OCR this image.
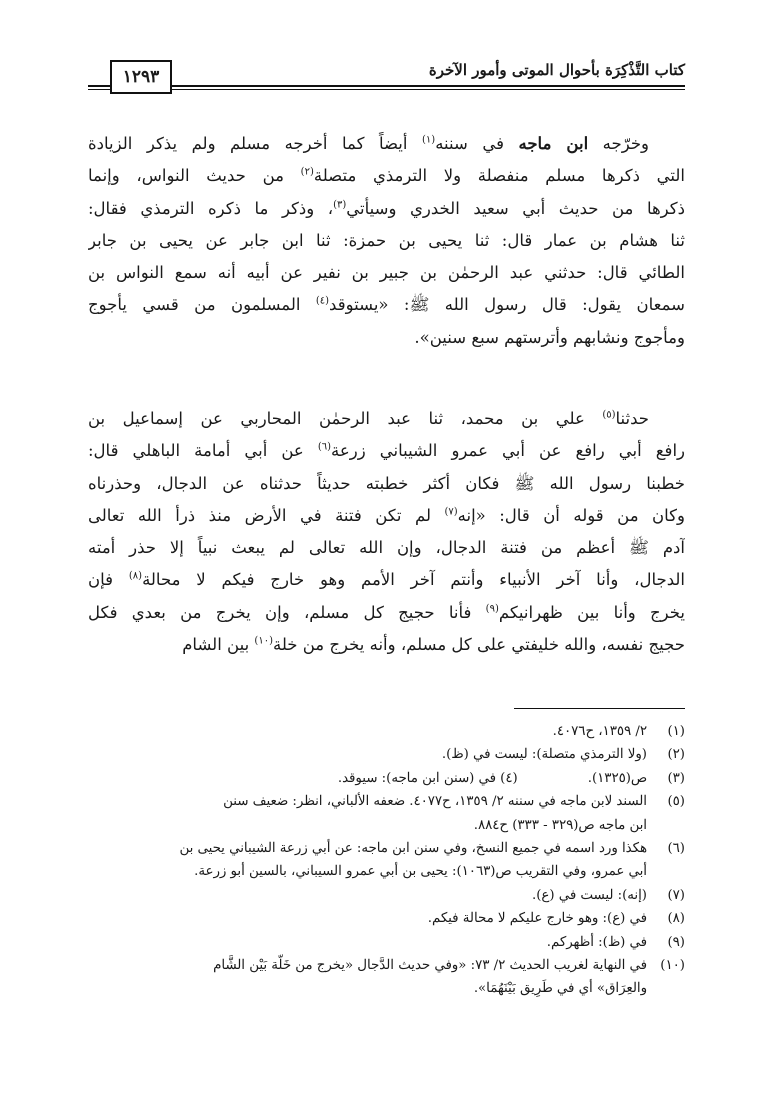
كتاب التَّذْكِرَة بأحوال الموتى وأمور الآخرة
١٢٩٣
وخرّجه ابن ماجه في سننه$^{(١)}$ أيضاً كما أخرجه مسلم ولم يذكر الزيادة
التي ذكرها مسلم منفصلة ولا الترمذي متصلة$^{(٢)}$ من حديث النواس، وإنما
ذكرها من حديث أبي سعيد الخدري وسيأتي$^{(٣)}$، وذكر ما ذكره الترمذي فقال:
ثنا هشام بن عمار قال: ثنا يحيى بن حمزة: ثنا ابن جابر عن يحيى بن جابر
الطائي قال: حدثني عبد الرحمٰن بن جبير بن نفير عن أبيه أنه سمع النواس بن
سمعان يقول: قال رسول الله ﷺ: «يستوقد$^{(٤)}$ المسلمون من قسي يأجوج
ومأجوج ونشابهم وأترستهم سبع سنين».
حدثنا$^{(٥)}$ علي بن محمد، ثنا عبد الرحمٰن المحاربي عن إسماعيل بن
رافع أبي رافع عن أبي عمرو الشيباني زرعة$^{(٦)}$ عن أبي أمامة الباهلي قال:
خطبنا رسول الله ﷺ فكان أكثر خطبته حديثاً حدثناه عن الدجال، وحذرناه
وكان من قوله أن قال: «إنه$^{(٧)}$ لم تكن فتنة في الأرض منذ ذرأ الله تعالى
آدم ﷺ أعظم من فتنة الدجال، وإن الله تعالى لم يبعث نبياً إلا حذر أمته
الدجال، وأنا آخر الأنبياء وأنتم آخر الأمم وهو خارج فيكم لا محالة$^{(٨)}$ فإن
يخرج وأنا بين ظهرانيكم$^{(٩)}$ فأنا حجيج كل مسلم، وإن يخرج من بعدي فكل
حجيج نفسه، والله خليفتي على كل مسلم، وأنه يخرج من خلة$^{(١٠)}$ بين الشام
(١)
٢/ ١٣٥٩، ح٤٠٧٦.
(٢)
(ولا الترمذي متصلة): ليست في (ظ).
(٣)
ص(١٣٢٥).(٤) في (سنن ابن ماجه): سيوقد.
(٥)
السند لابن ماجه في سننه ٢/ ١٣٥٩، ح٤٠٧٧. ضعفه الألباني، انظر: ضعيف سنن
ابن ماجه ص(٣٢٩ - ٣٣٣) ح٨٨٤.
(٦)
هكذا ورد اسمه في جميع النسخ، وفي سنن ابن ماجه: عن أبي زرعة الشيباني يحيى بن
أبي عمرو، وفي التقريب ص(١٠٦٣): يحيى بن أبي عمرو السيباني، بالسين أبو زرعة.
(٧)
(إنه): ليست في (ع).
(٨)
في (ع): وهو خارج عليكم لا محالة فيكم.
(٩)
في (ظ): أظهركم.
(١٠)
في النهاية لغريب الحديث ٢/ ٧٣: «وفي حديث الدَّجال «يخرج من خَلَّة بَيْن الشَّام
والعِرَاق» أي في طَرِيق بَيْنَهُمَا».
